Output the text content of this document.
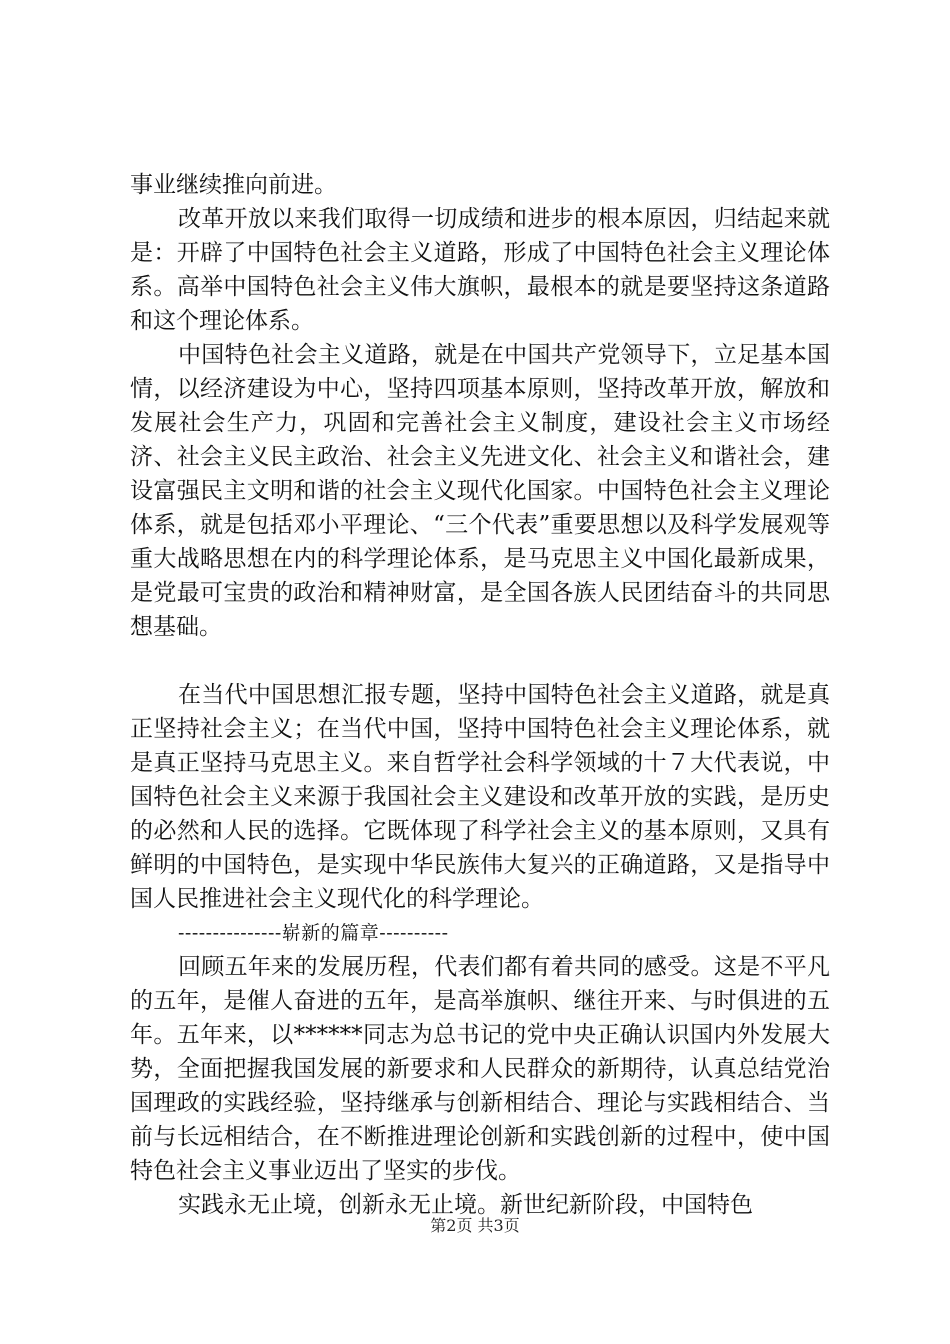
事业继续推向前进。

改革开放以来我们取得一切成绩和进步的根本原因，归结起来就是：开辟了中国特色社会主义道路，形成了中国特色社会主义理论体系。高举中国特色社会主义伟大旗帜，最根本的就是要坚持这条道路和这个理论体系。

中国特色社会主义道路，就是在中国共产党领导下，立足基本国情，以经济建设为中心，坚持四项基本原则，坚持改革开放，解放和发展社会生产力，巩固和完善社会主义制度，建设社会主义市场经济、社会主义民主政治、社会主义先进文化、社会主义和谐社会，建设富强民主文明和谐的社会主义现代化国家。中国特色社会主义理论体系，就是包括邓小平理论、“三个代表”重要思想以及科学发展观等重大战略思想在内的科学理论体系，是马克思主义中国化最新成果，是党最可宝贵的政治和精神财富，是全国各族人民团结奋斗的共同思想基础。

在当代中国思想汇报专题，坚持中国特色社会主义道路，就是真正坚持社会主义；在当代中国，坚持中国特色社会主义理论体系，就是真正坚持马克思主义。来自哲学社会科学领域的十７大代表说，中国特色社会主义来源于我国社会主义建设和改革开放的实践，是历史的必然和人民的选择。它既体现了科学社会主义的基本原则，又具有鲜明的中国特色，是实现中华民族伟大复兴的正确道路，又是指导中国人民推进社会主义现代化的科学理论。

---------------崭新的篇章----------

回顾五年来的发展历程，代表们都有着共同的感受。这是不平凡的五年，是催人奋进的五年，是高举旗帜、继往开来、与时俱进的五年。五年来，以******同志为总书记的党中央正确认识国内外发展大势，全面把握我国发展的新要求和人民群众的新期待，认真总结党治国理政的实践经验，坚持继承与创新相结合、理论与实践相结合、当前与长远相结合，在不断推进理论创新和实践创新的过程中，使中国特色社会主义事业迈出了坚实的步伐。

实践永无止境，创新永无止境。新世纪新阶段，中国特色

第2页 共3页
